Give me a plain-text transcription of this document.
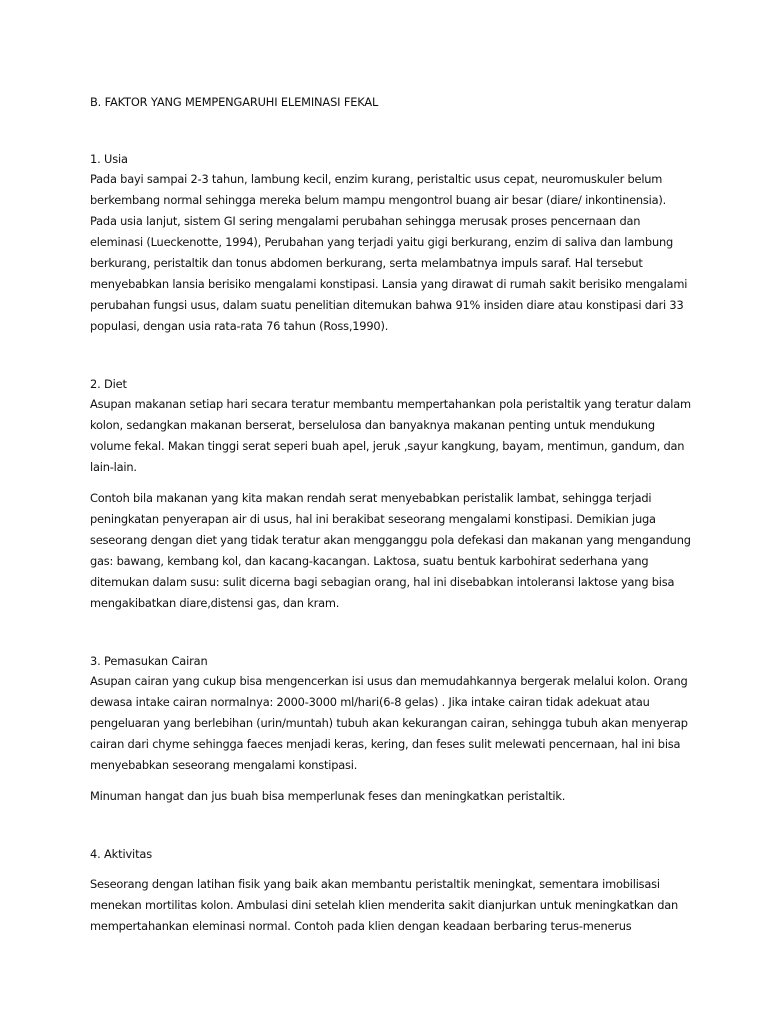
B. FAKTOR YANG MEMPENGARUHI ELEMINASI FEKAL

1. Usia

Pada bayi sampai 2-3 tahun, lambung kecil, enzim kurang, peristaltic usus cepat, neuromuskuler belum berkembang normal sehingga mereka belum mampu mengontrol buang air besar (diare/ inkontinensia). Pada usia lanjut, sistem GI sering mengalami perubahan sehingga merusak proses pencernaan dan eleminasi (Lueckenotte, 1994), Perubahan yang terjadi yaitu gigi berkurang, enzim di saliva dan lambung berkurang, peristaltik dan tonus abdomen berkurang, serta melambatnya impuls saraf. Hal tersebut menyebabkan lansia berisiko mengalami konstipasi. Lansia yang dirawat di rumah sakit berisiko mengalami perubahan fungsi usus, dalam suatu penelitian ditemukan bahwa 91% insiden diare atau konstipasi dari 33 populasi, dengan usia rata-rata 76 tahun (Ross,1990).

2. Diet

Asupan makanan setiap hari secara teratur membantu mempertahankan pola peristaltik yang teratur dalam kolon, sedangkan makanan berserat, berselulosa dan banyaknya makanan penting untuk mendukung volume fekal. Makan tinggi serat seperi buah apel, jeruk ,sayur kangkung, bayam, mentimun, gandum, dan lain-lain.

Contoh bila makanan yang kita makan rendah serat menyebabkan peristalik lambat, sehingga terjadi peningkatan penyerapan air di usus, hal ini berakibat seseorang mengalami konstipasi. Demikian juga seseorang dengan diet yang tidak teratur akan mengganggu pola defekasi dan makanan yang mengandung gas: bawang, kembang kol, dan kacang-kacangan. Laktosa, suatu bentuk karbohirat sederhana yang ditemukan dalam susu: sulit dicerna bagi sebagian orang, hal ini disebabkan intoleransi laktose yang bisa mengakibatkan diare,distensi gas, dan kram.

3. Pemasukan Cairan

Asupan cairan yang cukup bisa mengencerkan isi usus dan memudahkannya bergerak melalui kolon. Orang dewasa intake cairan normalnya: 2000-3000 ml/hari(6-8 gelas) . Jika intake cairan tidak adekuat atau pengeluaran yang berlebihan (urin/muntah) tubuh akan kekurangan cairan, sehingga tubuh akan menyerap cairan dari chyme sehingga faeces menjadi keras, kering, dan feses sulit melewati pencernaan, hal ini bisa menyebabkan seseorang mengalami konstipasi.

Minuman hangat dan jus buah bisa memperlunak feses dan meningkatkan peristaltik.

4. Aktivitas

Seseorang dengan latihan fisik yang baik akan membantu peristaltik meningkat, sementara imobilisasi menekan mortilitas kolon. Ambulasi dini setelah klien menderita sakit dianjurkan untuk meningkatkan dan mempertahankan eleminasi normal. Contoh pada klien dengan keadaan berbaring terus-menerus
